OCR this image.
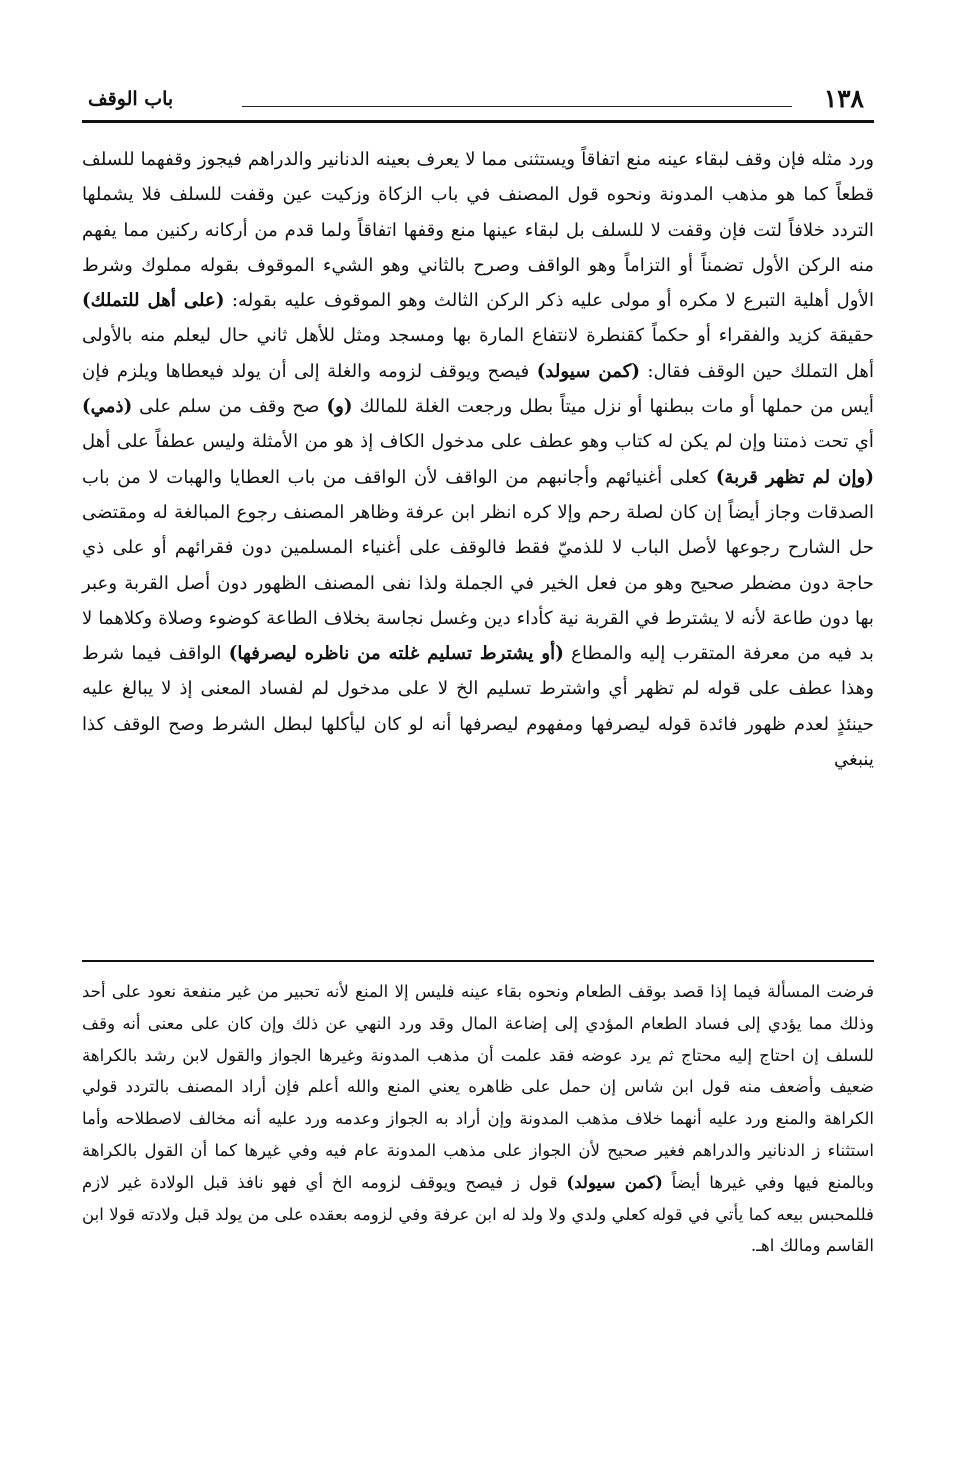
باب الوقف	١٣٨

ورد مثله فإن وقف لبقاء عينه منع اتفاقاً ويستثنى مما لا يعرف بعينه الدنانير والدراهم فيجوز وقفهما للسلف قطعاً كما هو مذهب المدونة ونحوه قول المصنف في باب الزكاة وزكيت عين وقفت للسلف فلا يشملها التردد خلافاً لتت فإن وقفت لا للسلف بل لبقاء عينها منع وقفها اتفاقاً ولما قدم من أركانه ركنين مما يفهم منه الركن الأول تضمناً أو التزاماً وهو الواقف وصرح بالثاني وهو الشيء الموقوف بقوله مملوك وشرط الأول أهلية التبرع لا مكره أو مولى عليه ذكر الركن الثالث وهو الموقوف عليه بقوله: (على أهل للتملك) حقيقة كزيد والفقراء أو حكماً كقنطرة لانتفاع المارة بها ومسجد ومثل للأهل ثاني حال ليعلم منه بالأولى أهل التملك حين الوقف فقال: (كمن سيولد) فيصح ويوقف لزومه والغلة إلى أن يولد فيعطاها ويلزم فإن أيس من حملها أو مات ببطنها أو نزل ميتاً بطل ورجعت الغلة للمالك (و) صح وقف من سلم على (ذمي) أي تحت ذمتنا وإن لم يكن له كتاب وهو عطف على مدخول الكاف إذ هو من الأمثلة وليس عطفاً على أهل (وإن لم تظهر قربة) كعلى أغنيائهم وأجانبهم من الواقف لأن الواقف من باب العطايا والهبات لا من باب الصدقات وجاز أيضاً إن كان لصلة رحم وإلا كره انظر ابن عرفة وظاهر المصنف رجوع المبالغة له ومقتضى حل الشارح رجوعها لأصل الباب لا للذميّ فقط فالوقف على أغنياء المسلمين دون فقرائهم أو على ذي حاجة دون مضطر صحيح وهو من فعل الخير في الجملة ولذا نفى المصنف الظهور دون أصل القربة وعبر بها دون طاعة لأنه لا يشترط في القربة نية كأداء دين وغسل نجاسة بخلاف الطاعة كوضوء وصلاة وكلاهما لا بد فيه من معرفة المتقرب إليه والمطاع (أو يشترط تسليم غلته من ناظره ليصرفها) الواقف فيما شرط وهذا عطف على قوله لم تظهر أي واشترط تسليم الخ لا على مدخول لم لفساد المعنى إذ لا يبالغ عليه حينئذٍ لعدم ظهور فائدة قوله ليصرفها ومفهوم ليصرفها أنه لو كان ليأكلها لبطل الشرط وصح الوقف كذا ينبغي

فرضت المسألة فيما إذا قصد بوقف الطعام ونحوه بقاء عينه فليس إلا المنع لأنه تحبير من غير منفعة نعود على أحد وذلك مما يؤدي إلى فساد الطعام المؤدي إلى إضاعة المال وقد ورد النهي عن ذلك وإن كان على معنى أنه وقف للسلف إن احتاج إليه محتاج ثم يرد عوضه فقد علمت أن مذهب المدونة وغيرها الجواز والقول لابن رشد بالكراهة ضعيف وأضعف منه قول ابن شاس إن حمل على ظاهره يعني المنع والله أعلم فإن أراد المصنف بالتردد قولي الكراهة والمنع ورد عليه أنهما خلاف مذهب المدونة وإن أراد به الجواز وعدمه ورد عليه أنه مخالف لاصطلاحه وأما استثناء ز الدنانير والدراهم فغير صحيح لأن الجواز على مذهب المدونة عام فيه وفي غيرها كما أن القول بالكراهة وبالمنع فيها وفي غيرها أيضاً (كمن سيولد) قول ز فيصح ويوقف لزومه الخ أي فهو نافذ قبل الولادة غير لازم فللمحبس بيعه كما يأتي في قوله كعلي ولدي ولا ولد له ابن عرفة وفي لزومه بعقده على من يولد قبل ولادته قولا ابن القاسم ومالك اهـ.
